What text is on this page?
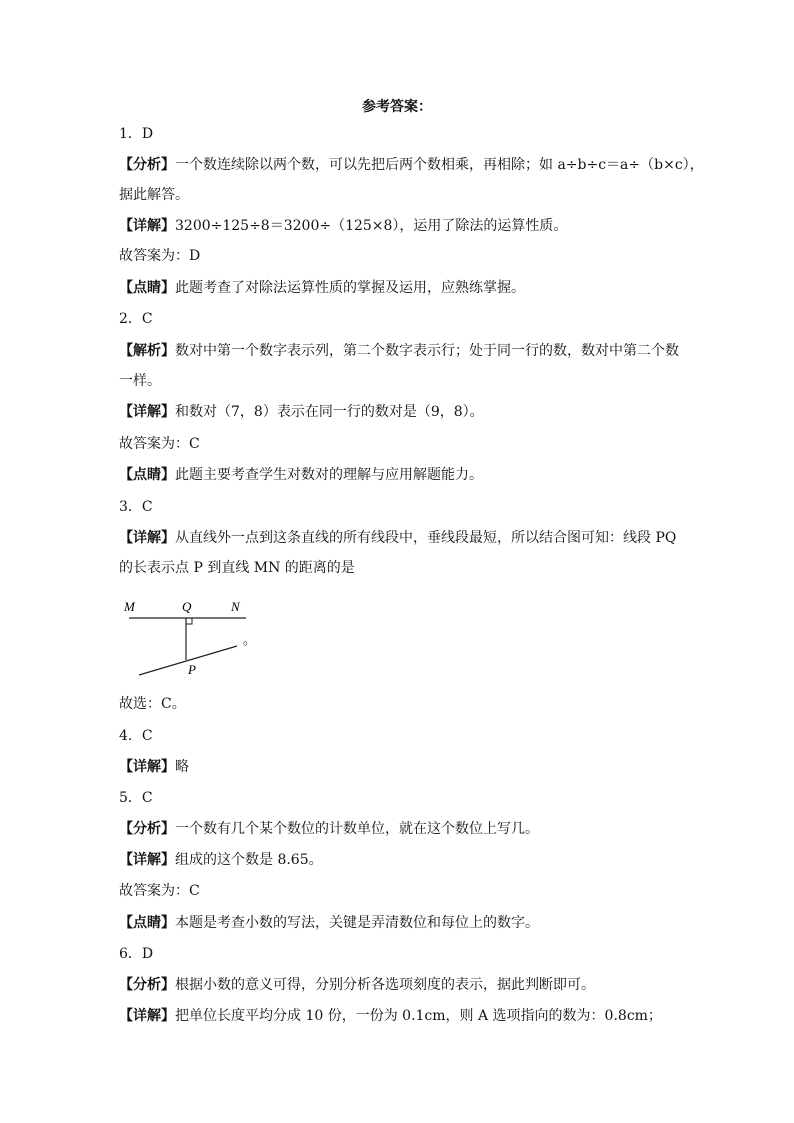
参考答案：
1．D
【分析】一个数连续除以两个数，可以先把后两个数相乘，再相除；如 a÷b÷c＝a÷（b×c），
据此解答。
【详解】3200÷125÷8＝3200÷（125×8），运用了除法的运算性质。
故答案为：D
【点睛】此题考查了对除法运算性质的掌握及运用，应熟练掌握。
2．C
【解析】数对中第一个数字表示列，第二个数字表示行；处于同一行的数，数对中第二个数
一样。
【详解】和数对（7，8）表示在同一行的数对是（9，8）。
故答案为：C
【点睛】此题主要考查学生对数对的理解与应用解题能力。
3．C
【详解】从直线外一点到这条直线的所有线段中，垂线段最短，所以结合图可知：线段 PQ
的长表示点 P 到直线 MN 的距离的是
M	Q	N
P
。
故选：C。
4．C
【详解】略
5．C
【分析】一个数有几个某个数位的计数单位，就在这个数位上写几。
【详解】组成的这个数是 8.65。
故答案为：C
【点睛】本题是考查小数的写法，关键是弄清数位和每位上的数字。
6．D
【分析】根据小数的意义可得，分别分析各选项刻度的表示，据此判断即可。
【详解】把单位长度平均分成 10 份，一份为 0.1cm，则 A 选项指向的数为：0.8cm；
